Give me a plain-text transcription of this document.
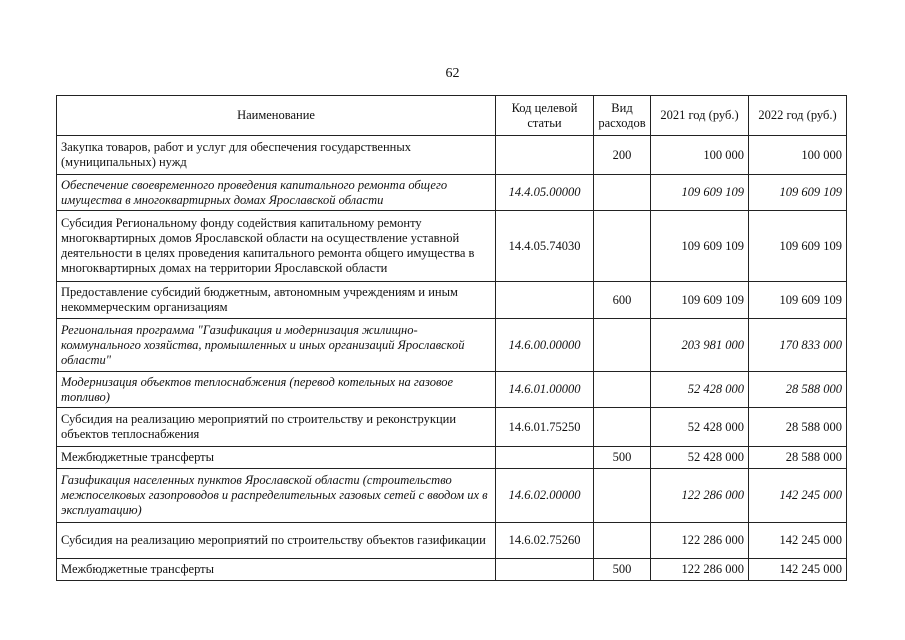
62
Наименование	Код целевой статьи	Вид расходов	2021 год (руб.)	2022 год (руб.)
Закупка товаров, работ и услуг для обеспечения государственных (муниципальных) нужд		200	100 000	100 000
Обеспечение своевременного проведения капитального ремонта общего имущества в многоквартирных домах Ярославской области	14.4.05.00000		109 609 109	109 609 109
Субсидия Региональному фонду содействия капитальному ремонту многоквартирных домов Ярославской области на осуществление уставной деятельности в целях проведения капитального ремонта общего имущества в многоквартирных домах на территории Ярославской области	14.4.05.74030		109 609 109	109 609 109
Предоставление субсидий бюджетным, автономным учреждениям и иным некоммерческим организациям		600	109 609 109	109 609 109
Региональная программа "Газификация и модернизация жилищно-коммунального хозяйства, промышленных и иных организаций Ярославской области"	14.6.00.00000		203 981 000	170 833 000
Модернизация объектов теплоснабжения (перевод котельных на газовое топливо)	14.6.01.00000		52 428 000	28 588 000
Субсидия на реализацию мероприятий по строительству и реконструкции объектов теплоснабжения	14.6.01.75250		52 428 000	28 588 000
Межбюджетные трансферты		500	52 428 000	28 588 000
Газификация населенных пунктов Ярославской области (строительство межпоселковых газопроводов и распределительных газовых сетей с вводом их в эксплуатацию)	14.6.02.00000		122 286 000	142 245 000
Субсидия на реализацию мероприятий по строительству объектов газификации	14.6.02.75260		122 286 000	142 245 000
Межбюджетные трансферты		500	122 286 000	142 245 000
